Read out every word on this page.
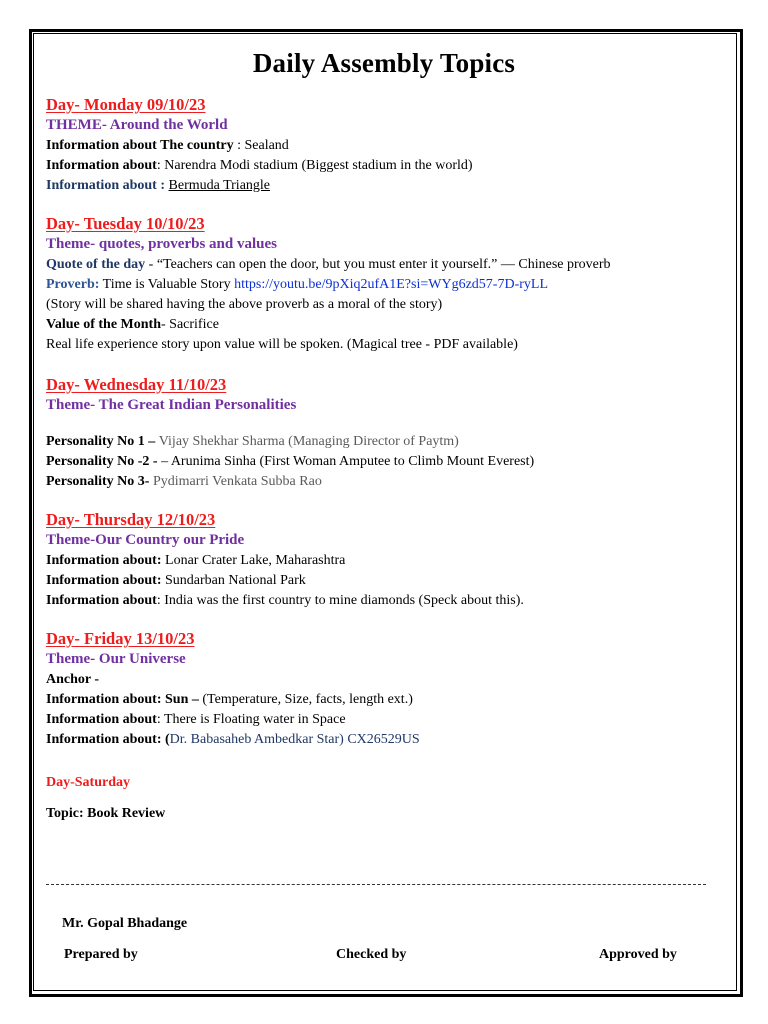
Daily Assembly Topics
Day- Monday 09/10/23
THEME- Around the World
Information about The country : Sealand
Information about: Narendra Modi stadium (Biggest stadium in the world)
Information about : Bermuda Triangle
Day- Tuesday 10/10/23
Theme- quotes, proverbs and values
Quote of the day - “Teachers can open the door, but you must enter it yourself.” — Chinese proverb
Proverb: Time is Valuable Story https://youtu.be/9pXiq2ufA1E?si=WYg6zd57-7D-ryLL
(Story will be shared having the above proverb as a moral of the story)
Value of the Month- Sacrifice
Real life experience story upon value will be spoken. (Magical tree - PDF available)
Day- Wednesday 11/10/23
Theme- The Great Indian Personalities
Personality No 1 – Vijay Shekhar Sharma (Managing Director of Paytm)
Personality No -2 - – Arunima Sinha (First Woman Amputee to Climb Mount Everest)
Personality No 3- Pydimarri Venkata Subba Rao
Day- Thursday 12/10/23
Theme-Our Country our Pride
Information about: Lonar Crater Lake, Maharashtra
Information about: Sundarban National Park
Information about: India was the first country to mine diamonds (Speck about this).
Day- Friday 13/10/23
Theme- Our Universe
Anchor -
Information about: Sun – (Temperature, Size, facts, length ext.)
Information about: There is Floating water in Space
Information about: (Dr. Babasaheb Ambedkar Star) CX26529US
Day-Saturday
Topic: Book Review
Mr. Gopal Bhadange
Prepared by	Checked by	Approved by
